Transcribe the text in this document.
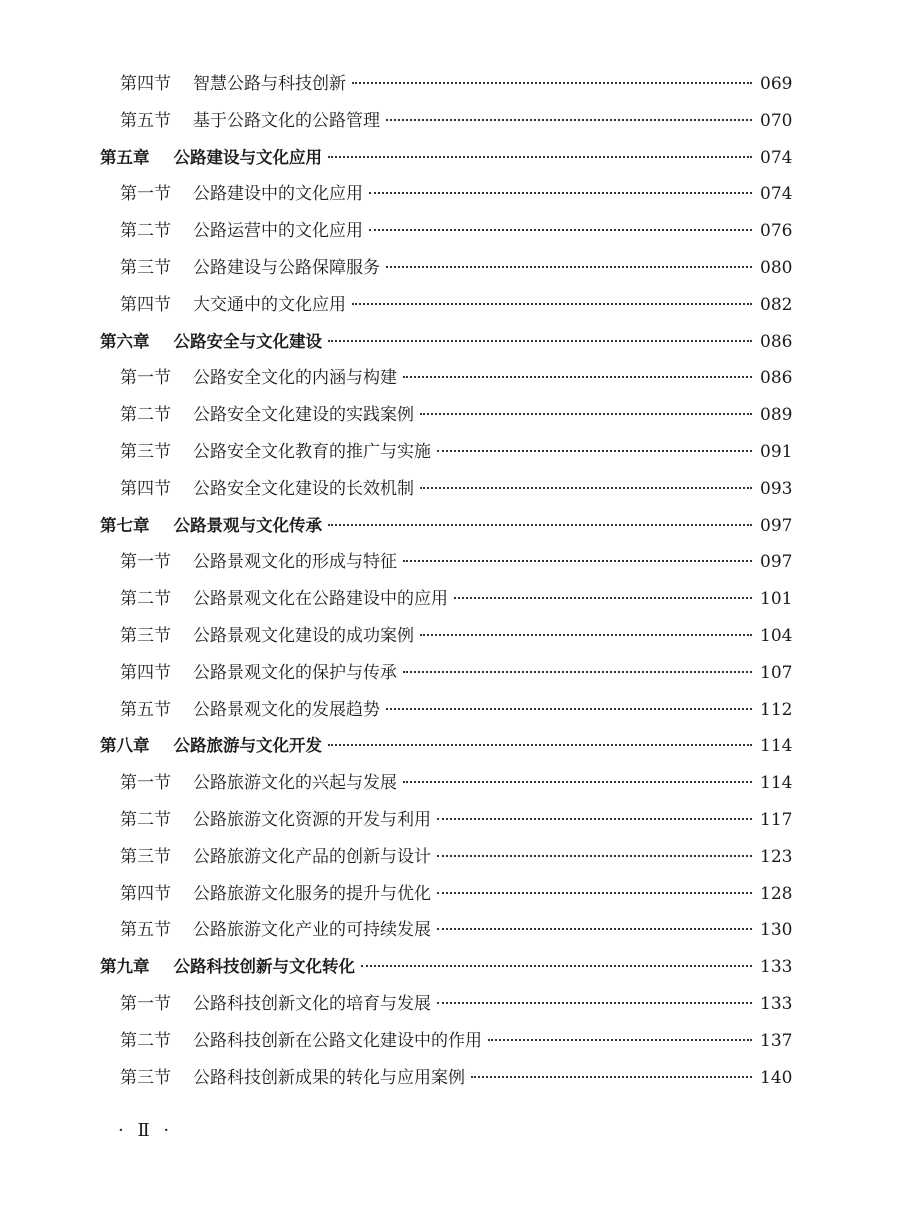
第四节 智慧公路与科技创新	069
第五节 基于公路文化的公路管理	070
第五章 公路建设与文化应用	074
第一节 公路建设中的文化应用	074
第二节 公路运营中的文化应用	076
第三节 公路建设与公路保障服务	080
第四节 大交通中的文化应用	082
第六章 公路安全与文化建设	086
第一节 公路安全文化的内涵与构建	086
第二节 公路安全文化建设的实践案例	089
第三节 公路安全文化教育的推广与实施	091
第四节 公路安全文化建设的长效机制	093
第七章 公路景观与文化传承	097
第一节 公路景观文化的形成与特征	097
第二节 公路景观文化在公路建设中的应用	101
第三节 公路景观文化建设的成功案例	104
第四节 公路景观文化的保护与传承	107
第五节 公路景观文化的发展趋势	112
第八章 公路旅游与文化开发	114
第一节 公路旅游文化的兴起与发展	114
第二节 公路旅游文化资源的开发与利用	117
第三节 公路旅游文化产品的创新与设计	123
第四节 公路旅游文化服务的提升与优化	128
第五节 公路旅游文化产业的可持续发展	130
第九章 公路科技创新与文化转化	133
第一节 公路科技创新文化的培育与发展	133
第二节 公路科技创新在公路文化建设中的作用	137
第三节 公路科技创新成果的转化与应用案例	140
· Ⅱ ·
